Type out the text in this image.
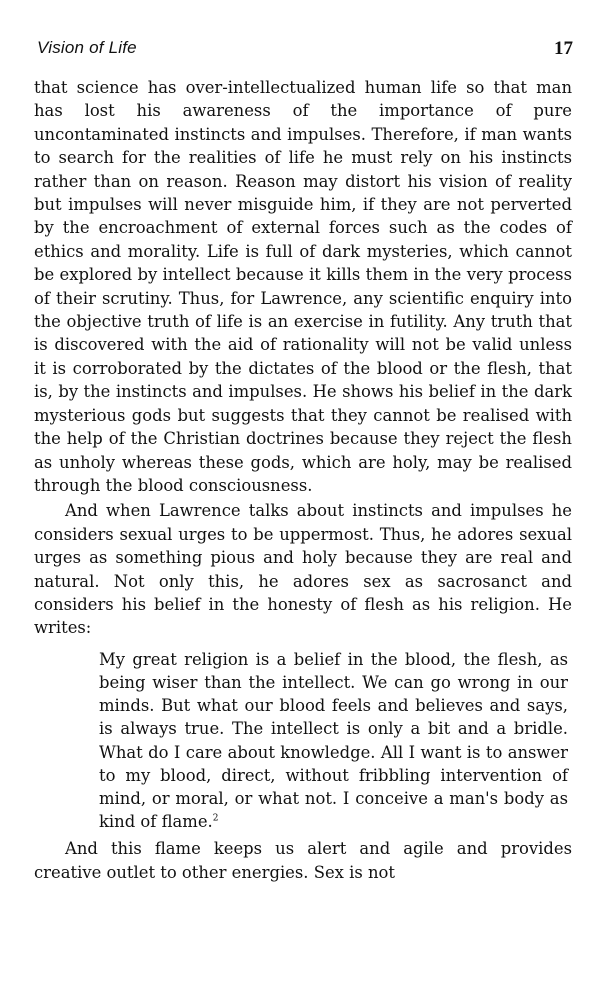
Vision of Life	17

that science has over-intellectualized human life so that man has lost his awareness of the importance of pure uncontaminated instincts and impulses. Therefore, if man wants to search for the realities of life he must rely on his instincts rather than on reason. Reason may distort his vision of reality but impulses will never misguide him, if they are not perverted by the encroachment of external forces such as the codes of ethics and morality. Life is full of dark mysteries, which cannot be explored by intellect because it kills them in the very process of their scrutiny. Thus, for Lawrence, any scientific enquiry into the objective truth of life is an exercise in futility. Any truth that is discovered with the aid of rationality will not be valid unless it is corroborated by the dictates of the blood or the flesh, that is, by the instincts and impulses. He shows his belief in the dark mysterious gods but suggests that they cannot be realised with the help of the Christian doctrines because they reject the flesh as unholy whereas these gods, which are holy, may be realised through the blood consciousness.

And when Lawrence talks about instincts and impulses he considers sexual urges to be uppermost. Thus, he adores sexual urges as something pious and holy because they are real and natural. Not only this, he adores sex as sacrosanct and considers his belief in the honesty of flesh as his religion. He writes:

My great religion is a belief in the blood, the flesh, as being wiser than the intellect. We can go wrong in our minds. But what our blood feels and believes and says, is always true. The intellect is only a bit and a bridle. What do I care about knowledge. All I want is to answer to my blood, direct, without fribbling intervention of mind, or moral, or what not. I conceive a man's body as kind of flame.$^2$

And this flame keeps us alert and agile and provides creative outlet to other energies. Sex is not
